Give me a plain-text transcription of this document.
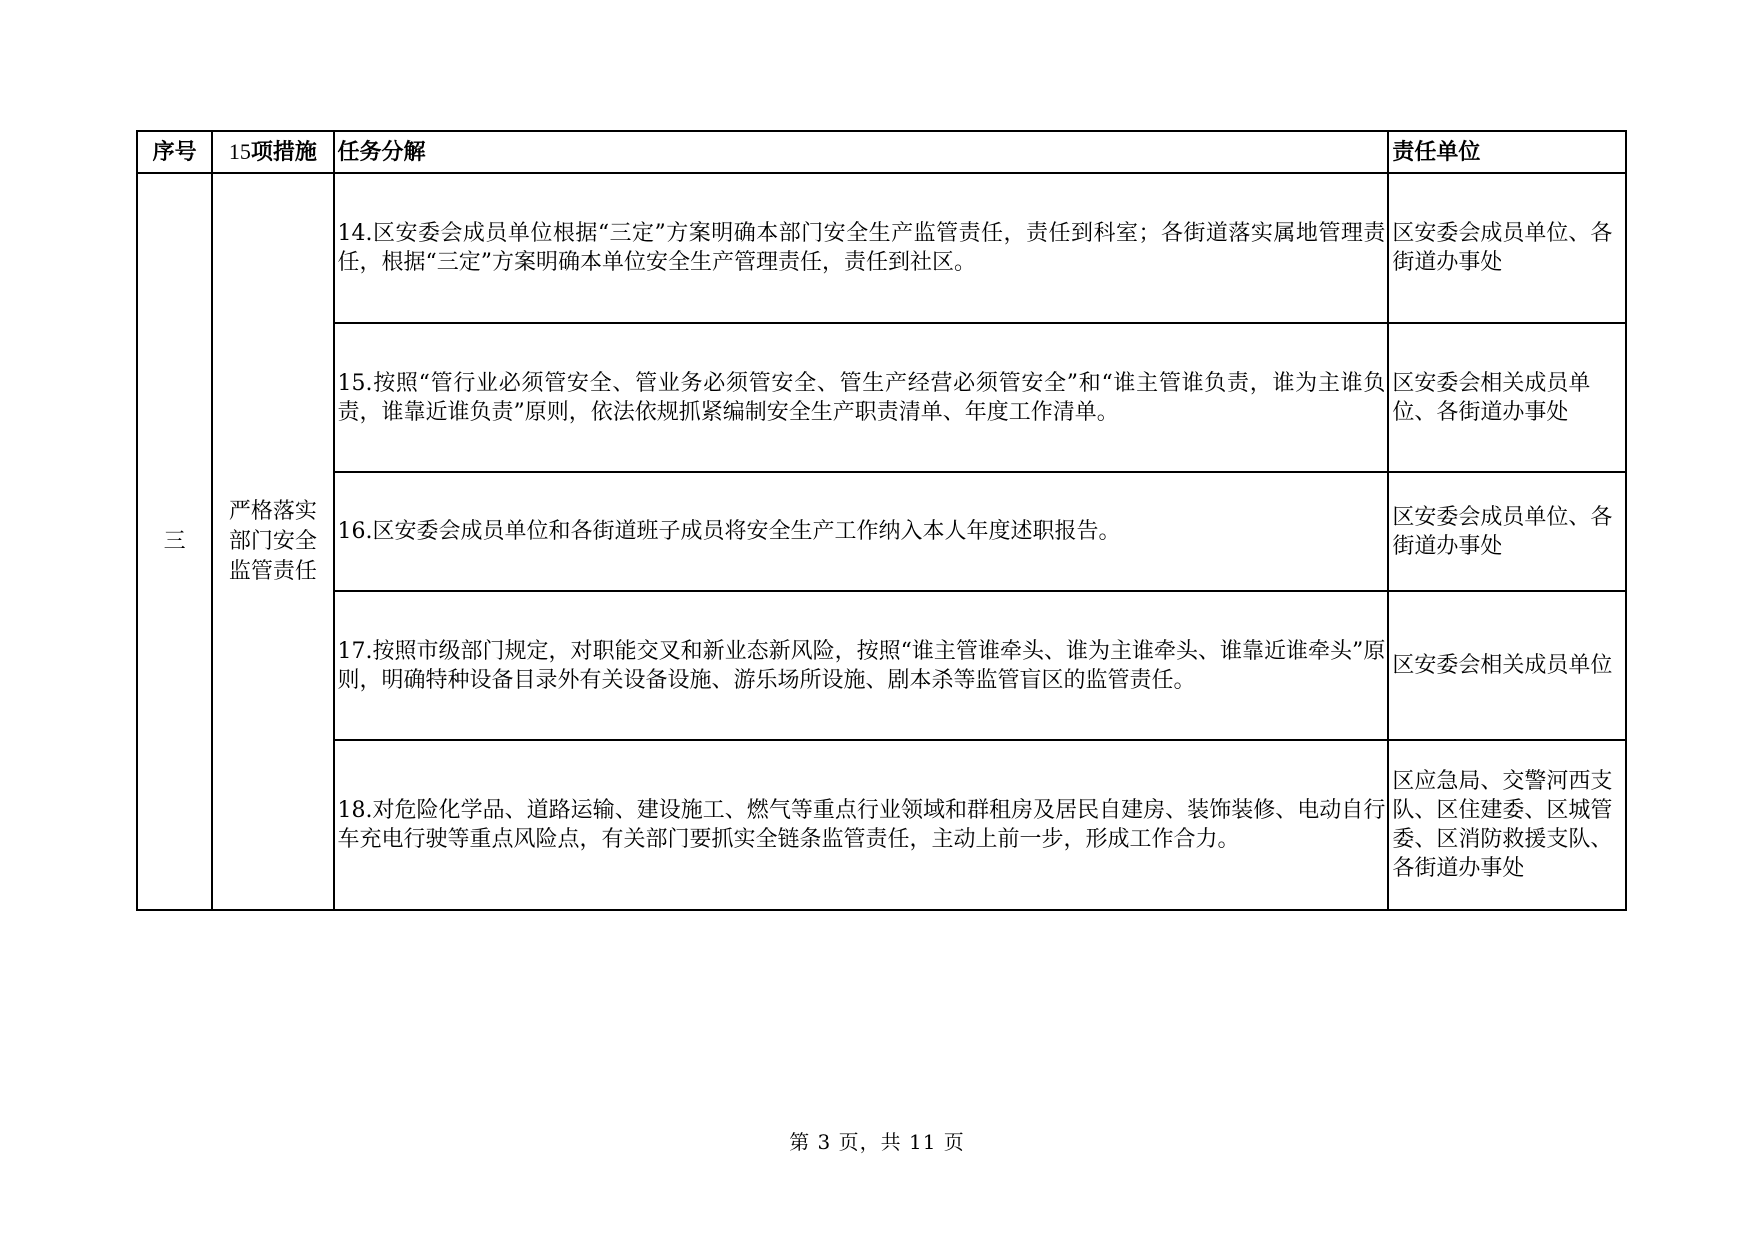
序号	15项措施	任务分解	责任单位
三	严格落实部门安全监管责任	14.区安委会成员单位根据“三定”方案明确本部门安全生产监管责任，责任到科室；各街道落实属地管理责任，根据“三定”方案明确本单位安全生产管理责任，责任到社区。	区安委会成员单位、各街道办事处
		15.按照“管行业必须管安全、管业务必须管安全、管生产经营必须管安全”和“谁主管谁负责，谁为主谁负责，谁靠近谁负责”原则，依法依规抓紧编制安全生产职责清单、年度工作清单。	区安委会相关成员单位、各街道办事处
		16.区安委会成员单位和各街道班子成员将安全生产工作纳入本人年度述职报告。	区安委会成员单位、各街道办事处
		17.按照市级部门规定，对职能交叉和新业态新风险，按照“谁主管谁牵头、谁为主谁牵头、谁靠近谁牵头”原则，明确特种设备目录外有关设备设施、游乐场所设施、剧本杀等监管盲区的监管责任。	区安委会相关成员单位
		18.对危险化学品、道路运输、建设施工、燃气等重点行业领域和群租房及居民自建房、装饰装修、电动自行车充电行驶等重点风险点，有关部门要抓实全链条监管责任，主动上前一步，形成工作合力。	区应急局、交警河西支队、区住建委、区城管委、区消防救援支队、各街道办事处
第 3 页，共 11 页
